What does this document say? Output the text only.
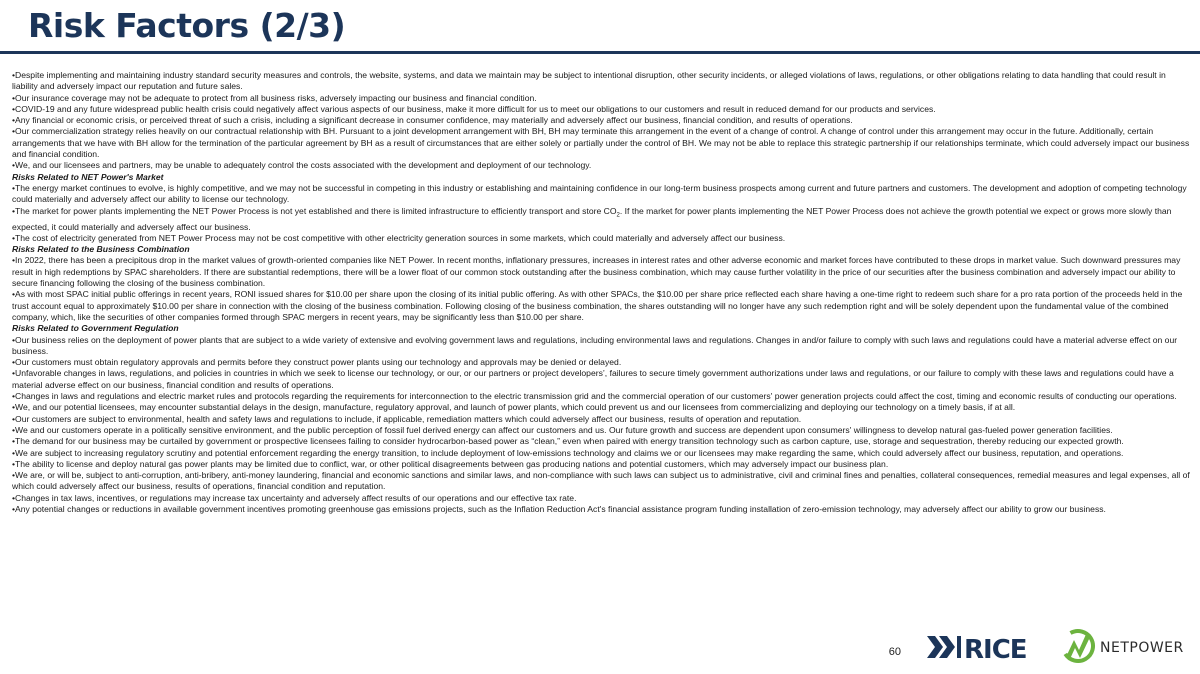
Risk Factors (2/3)
•Despite implementing and maintaining industry standard security measures and controls, the website, systems, and data we maintain may be subject to intentional disruption, other security incidents, or alleged violations of laws, regulations, or other obligations relating to data handling that could result in liability and adversely impact our reputation and future sales.
•Our insurance coverage may not be adequate to protect from all business risks, adversely impacting our business and financial condition.
•COVID-19 and any future widespread public health crisis could negatively affect various aspects of our business, make it more difficult for us to meet our obligations to our customers and result in reduced demand for our products and services.
•Any financial or economic crisis, or perceived threat of such a crisis, including a significant decrease in consumer confidence, may materially and adversely affect our business, financial condition, and results of operations.
•Our commercialization strategy relies heavily on our contractual relationship with BH. Pursuant to a joint development arrangement with BH, BH may terminate this arrangement in the event of a change of control. A change of control under this arrangement may occur in the future. Additionally, certain arrangements that we have with BH allow for the termination of the particular agreement by BH as a result of circumstances that are either solely or partially under the control of BH. We may not be able to replace this strategic partnership if our relationships terminate, which could adversely impact our business and financial condition.
•We, and our licensees and partners, may be unable to adequately control the costs associated with the development and deployment of our technology.
Risks Related to NET Power's Market
•The energy market continues to evolve, is highly competitive, and we may not be successful in competing in this industry or establishing and maintaining confidence in our long-term business prospects among current and future partners and customers. The development and adoption of competing technology could materially and adversely affect our ability to license our technology.
•The market for power plants implementing the NET Power Process is not yet established and there is limited infrastructure to efficiently transport and store $CO_2$. If the market for power plants implementing the NET Power Process does not achieve the growth potential we expect or grows more slowly than expected, it could materially and adversely affect our business.
•The cost of electricity generated from NET Power Process may not be cost competitive with other electricity generation sources in some markets, which could materially and adversely affect our business.
Risks Related to the Business Combination
•In 2022, there has been a precipitous drop in the market values of growth-oriented companies like NET Power. In recent months, inflationary pressures, increases in interest rates and other adverse economic and market forces have contributed to these drops in market value. Such downward pressures may result in high redemptions by SPAC shareholders. If there are substantial redemptions, there will be a lower float of our common stock outstanding after the business combination, which may cause further volatility in the price of our securities after the business combination and adversely impact our ability to secure financing following the closing of the business combination.
•As with most SPAC initial public offerings in recent years, RONI issued shares for $10.00 per share upon the closing of its initial public offering. As with other SPACs, the $10.00 per share price reflected each share having a one-time right to redeem such share for a pro rata portion of the proceeds held in the trust account equal to approximately $10.00 per share in connection with the closing of the business combination. Following closing of the business combination, the shares outstanding will no longer have any such redemption right and will be solely dependent upon the fundamental value of the combined company, which, like the securities of other companies formed through SPAC mergers in recent years, may be significantly less than $10.00 per share.
Risks Related to Government Regulation
•Our business relies on the deployment of power plants that are subject to a wide variety of extensive and evolving government laws and regulations, including environmental laws and regulations. Changes in and/or failure to comply with such laws and regulations could have a material adverse effect on our business.
•Our customers must obtain regulatory approvals and permits before they construct power plants using our technology and approvals may be denied or delayed.
•Unfavorable changes in laws, regulations, and policies in countries in which we seek to license our technology, or our, or our partners or project developers’, failures to secure timely government authorizations under laws and regulations, or our failure to comply with these laws and regulations could have a material adverse effect on our business, financial condition and results of operations.
•Changes in laws and regulations and electric market rules and protocols regarding the requirements for interconnection to the electric transmission grid and the commercial operation of our customers' power generation projects could affect the cost, timing and economic results of conducting our operations.
•We, and our potential licensees, may encounter substantial delays in the design, manufacture, regulatory approval, and launch of power plants, which could prevent us and our licensees from commercializing and deploying our technology on a timely basis, if at all.
•Our customers are subject to environmental, health and safety laws and regulations to include, if applicable, remediation matters which could adversely affect our business, results of operation and reputation.
•We and our customers operate in a politically sensitive environment, and the public perception of fossil fuel derived energy can affect our customers and us. Our future growth and success are dependent upon consumers' willingness to develop natural gas-fueled power generation facilities.
•The demand for our business may be curtailed by government or prospective licensees failing to consider hydrocarbon-based power as “clean,” even when paired with energy transition technology such as carbon capture, use, storage and sequestration, thereby reducing our expected growth.
•We are subject to increasing regulatory scrutiny and potential enforcement regarding the energy transition, to include deployment of low-emissions technology and claims we or our licensees may make regarding the same, which could adversely affect our business, reputation, and operations.
•The ability to license and deploy natural gas power plants may be limited due to conflict, war, or other political disagreements between gas producing nations and potential customers, which may adversely impact our business plan.
•We are, or will be, subject to anti-corruption, anti-bribery, anti-money laundering, financial and economic sanctions and similar laws, and non-compliance with such laws can subject us to administrative, civil and criminal fines and penalties, collateral consequences, remedial measures and legal expenses, all of which could adversely affect our business, results of operations, financial condition and reputation.
•Changes in tax laws, incentives, or regulations may increase tax uncertainty and adversely affect results of our operations and our effective tax rate.
•Any potential changes or reductions in available government incentives promoting greenhouse gas emissions projects, such as the Inflation Reduction Act's financial assistance program funding installation of zero-emission technology, may adversely affect our ability to grow our business.
60 RICE	NETPOWER
